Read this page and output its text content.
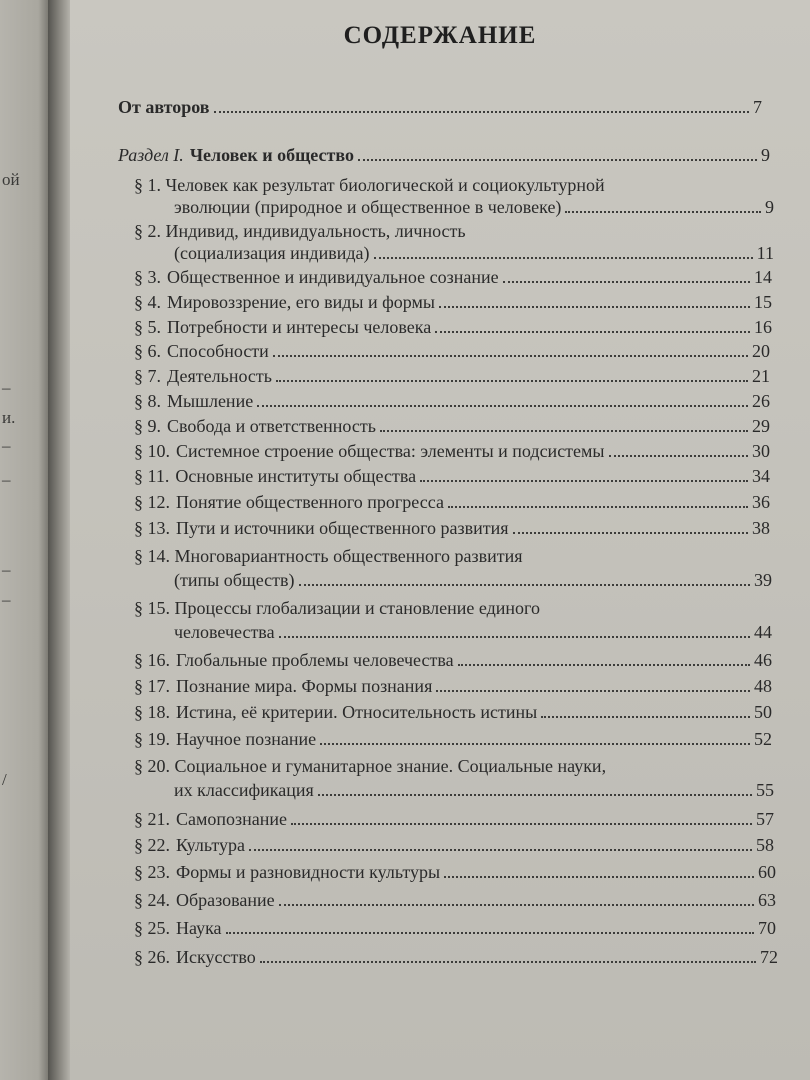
ой
–
и.
–
–
–
–
/
СОДЕРЖАНИЕ
От авторов	7
Раздел I. Человек и общество	9
§ 1. Человек как результат биологической и социокультурной
эволюции (природное и общественное в человеке)	9
§ 2. Индивид, индивидуальность, личность
(социализация индивида)	11
§ 3. Общественное и индивидуальное сознание	14
§ 4. Мировоззрение, его виды и формы	15
§ 5. Потребности и интересы человека	16
§ 6. Способности	20
§ 7. Деятельность	21
§ 8. Мышление	26
§ 9. Свобода и ответственность	29
§ 10. Системное строение общества: элементы и подсистемы	30
§ 11. Основные институты общества	34
§ 12. Понятие общественного прогресса	36
§ 13. Пути и источники общественного развития	38
§ 14. Многовариантность общественного развития
(типы обществ)	39
§ 15. Процессы глобализации и становление единого
человечества	44
§ 16. Глобальные проблемы человечества	46
§ 17. Познание мира. Формы познания	48
§ 18. Истина, её критерии. Относительность истины	50
§ 19. Научное познание	52
§ 20. Социальное и гуманитарное знание. Социальные науки,
их классификация	55
§ 21. Самопознание	57
§ 22. Культура	58
§ 23. Формы и разновидности культуры	60
§ 24. Образование	63
§ 25. Наука	70
§ 26. Искусство	72
